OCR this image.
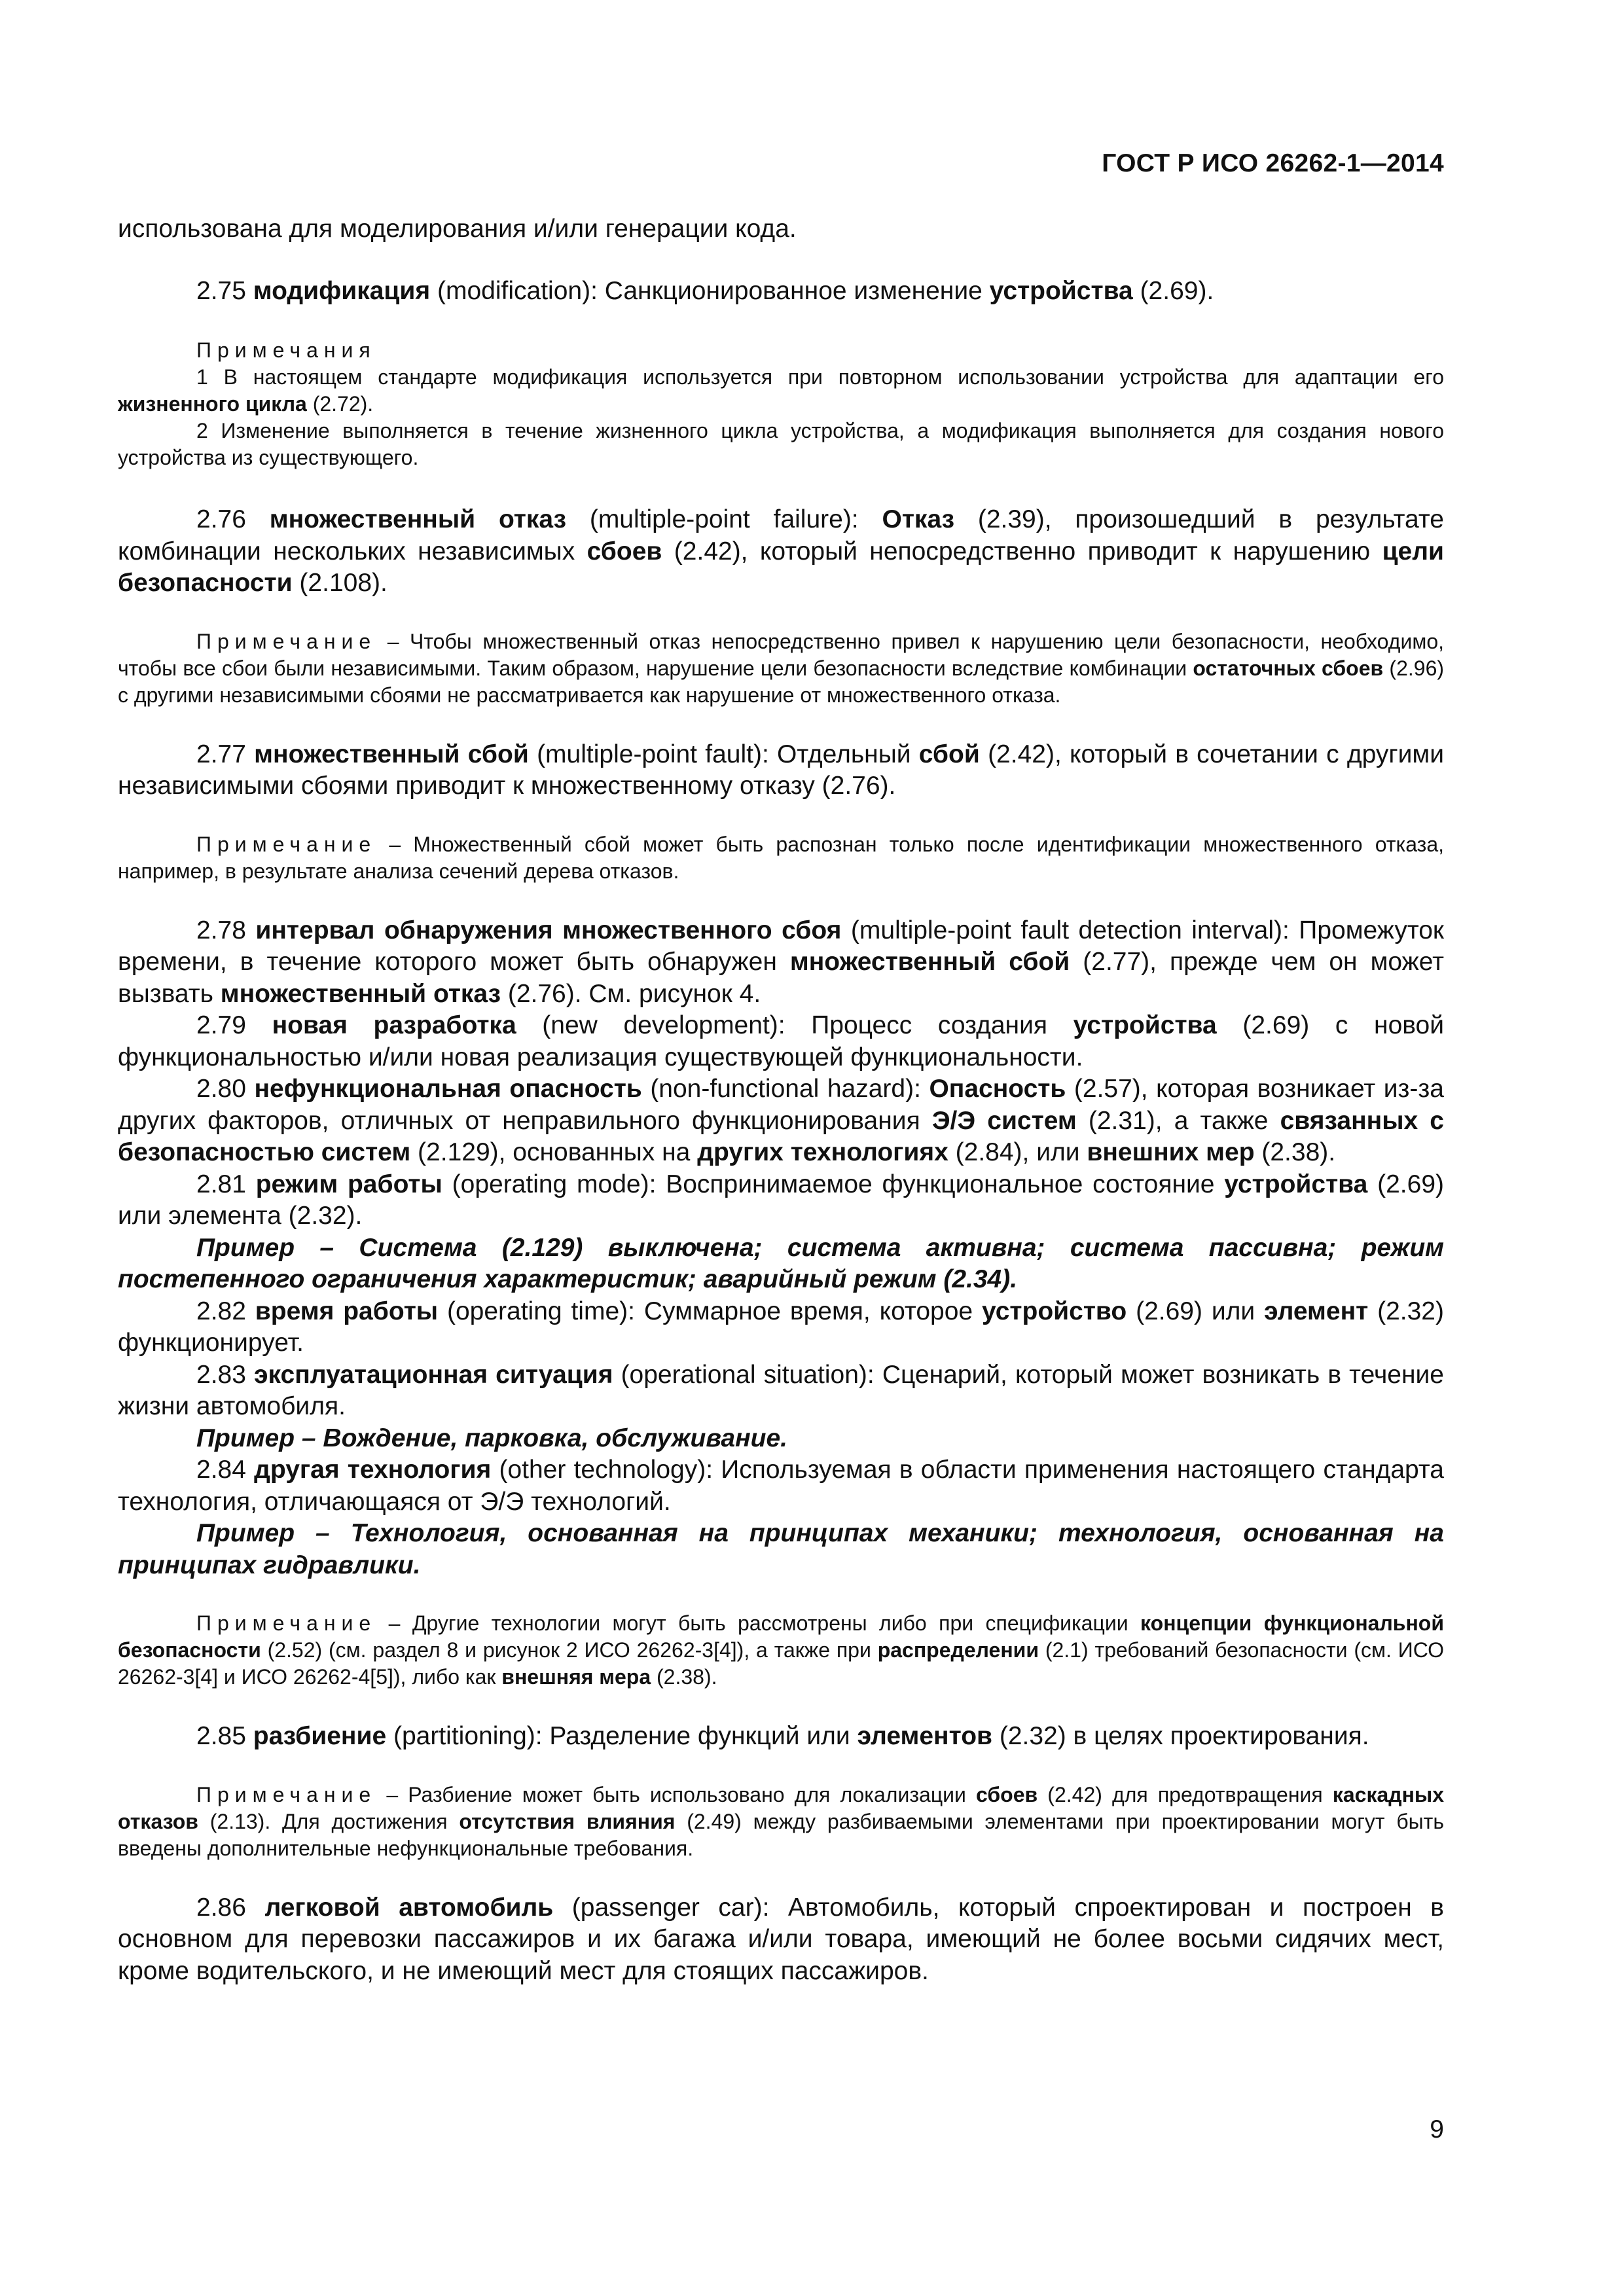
ГОСТ Р ИСО 26262-1—2014

использована для моделирования и/или генерации кода.

2.75 модификация (modification): Санкционированное изменение устройства (2.69).

Примечания

1 В настоящем стандарте модификация используется при повторном использовании устройства для адаптации его жизненного цикла (2.72).

2 Изменение выполняется в течение жизненного цикла устройства, а модификация выполняется для создания нового устройства из существующего.

2.76 множественный отказ (multiple-point failure): Отказ (2.39), произошедший в результате комбинации нескольких независимых сбоев (2.42), который непосредственно приводит к нарушению цели безопасности (2.108).

Примечание – Чтобы множественный отказ непосредственно привел к нарушению цели безопасности, необходимо, чтобы все сбои были независимыми. Таким образом, нарушение цели безопасности вследствие комбинации остаточных сбоев (2.96) с другими независимыми сбоями не рассматривается как нарушение от множественного отказа.

2.77 множественный сбой (multiple-point fault): Отдельный сбой (2.42), который в сочетании с другими независимыми сбоями приводит к множественному отказу (2.76).

Примечание – Множественный сбой может быть распознан только после идентификации множественного отказа, например, в результате анализа сечений дерева отказов.

2.78 интервал обнаружения множественного сбоя (multiple-point fault detection interval): Промежуток времени, в течение которого может быть обнаружен множественный сбой (2.77), прежде чем он может вызвать множественный отказ (2.76). См. рисунок 4.

2.79 новая разработка (new development): Процесс создания устройства (2.69) с новой функциональностью и/или новая реализация существующей функциональности.

2.80 нефункциональная опасность (non-functional hazard): Опасность (2.57), которая возникает из-за других факторов, отличных от неправильного функционирования Э/Э систем (2.31), а также связанных с безопасностью систем (2.129), основанных на других технологиях (2.84), или внешних мер (2.38).

2.81 режим работы (operating mode): Воспринимаемое функциональное состояние устройства (2.69) или элемента (2.32).

Пример – Система (2.129) выключена; система активна; система пассивна; режим постепенного ограничения характеристик; аварийный режим (2.34).

2.82 время работы (operating time): Суммарное время, которое устройство (2.69) или элемент (2.32) функционирует.

2.83 эксплуатационная ситуация (operational situation): Сценарий, который может возникать в течение жизни автомобиля.

Пример – Вождение, парковка, обслуживание.

2.84 другая технология (other technology): Используемая в области применения настоящего стандарта технология, отличающаяся от Э/Э технологий.

Пример – Технология, основанная на принципах механики; технология, основанная на принципах гидравлики.

Примечание – Другие технологии могут быть рассмотрены либо при спецификации концепции функциональной безопасности (2.52) (см. раздел 8 и рисунок 2 ИСО 26262-3[4]), а также при распределении (2.1) требований безопасности (см. ИСО 26262-3[4] и ИСО 26262-4[5]), либо как внешняя мера (2.38).

2.85 разбиение (partitioning): Разделение функций или элементов (2.32) в целях проектирования.

Примечание – Разбиение может быть использовано для локализации сбоев (2.42) для предотвращения каскадных отказов (2.13). Для достижения отсутствия влияния (2.49) между разбиваемыми элементами при проектировании могут быть введены дополнительные нефункциональные требования.

2.86 легковой автомобиль (passenger car): Автомобиль, который спроектирован и построен в основном для перевозки пассажиров и их багажа и/или товара, имеющий не более восьми сидячих мест, кроме водительского, и не имеющий мест для стоящих пассажиров.

9
